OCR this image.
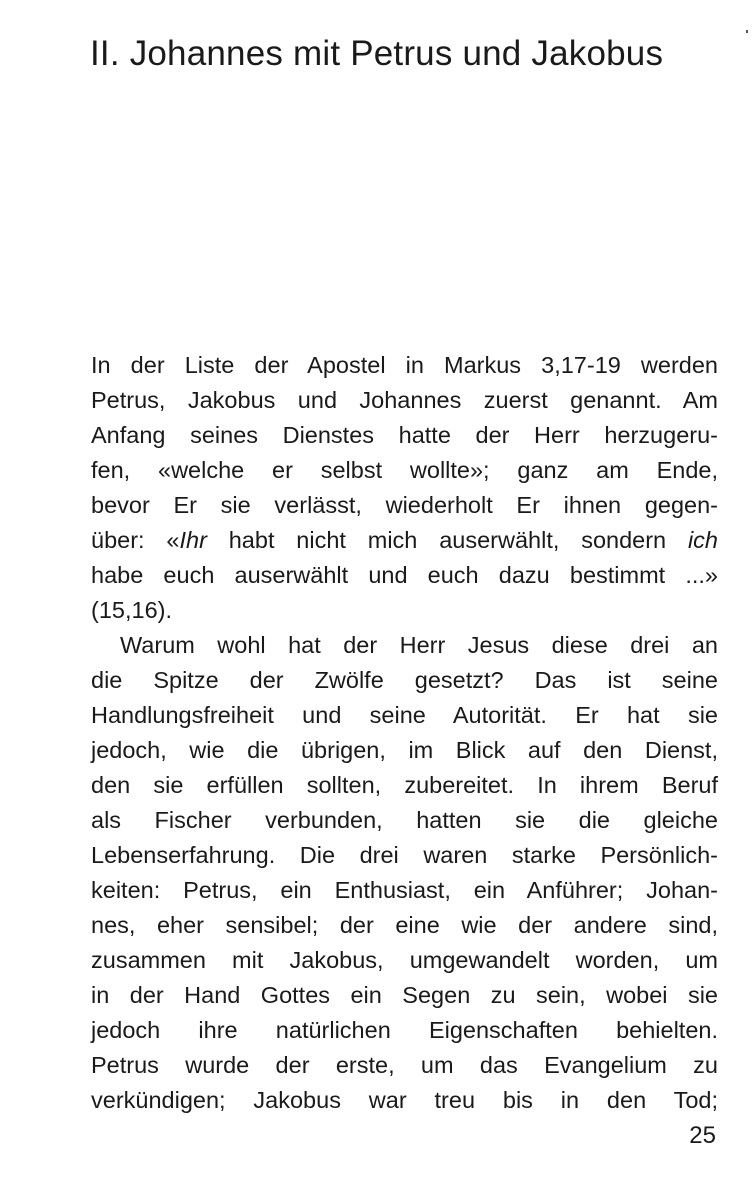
II. Johannes mit Petrus und Jakobus
In der Liste der Apostel in Markus 3,17-19 werden
Petrus, Jakobus und Johannes zuerst genannt. Am
Anfang seines Dienstes hatte der Herr herzugeru-
fen, «welche er selbst wollte»; ganz am Ende,
bevor Er sie verlässt, wiederholt Er ihnen gegen-
über: «Ihr habt nicht mich auserwählt, sondern ich
habe euch auserwählt und euch dazu bestimmt ...»
(15,16).
Warum wohl hat der Herr Jesus diese drei an
die Spitze der Zwölfe gesetzt? Das ist seine
Handlungsfreiheit und seine Autorität. Er hat sie
jedoch, wie die übrigen, im Blick auf den Dienst,
den sie erfüllen sollten, zubereitet. In ihrem Beruf
als Fischer verbunden, hatten sie die gleiche
Lebenserfahrung. Die drei waren starke Persönlich-
keiten: Petrus, ein Enthusiast, ein Anführer; Johan-
nes, eher sensibel; der eine wie der andere sind,
zusammen mit Jakobus, umgewandelt worden, um
in der Hand Gottes ein Segen zu sein, wobei sie
jedoch ihre natürlichen Eigenschaften behielten.
Petrus wurde der erste, um das Evangelium zu
verkündigen; Jakobus war treu bis in den Tod;
25
